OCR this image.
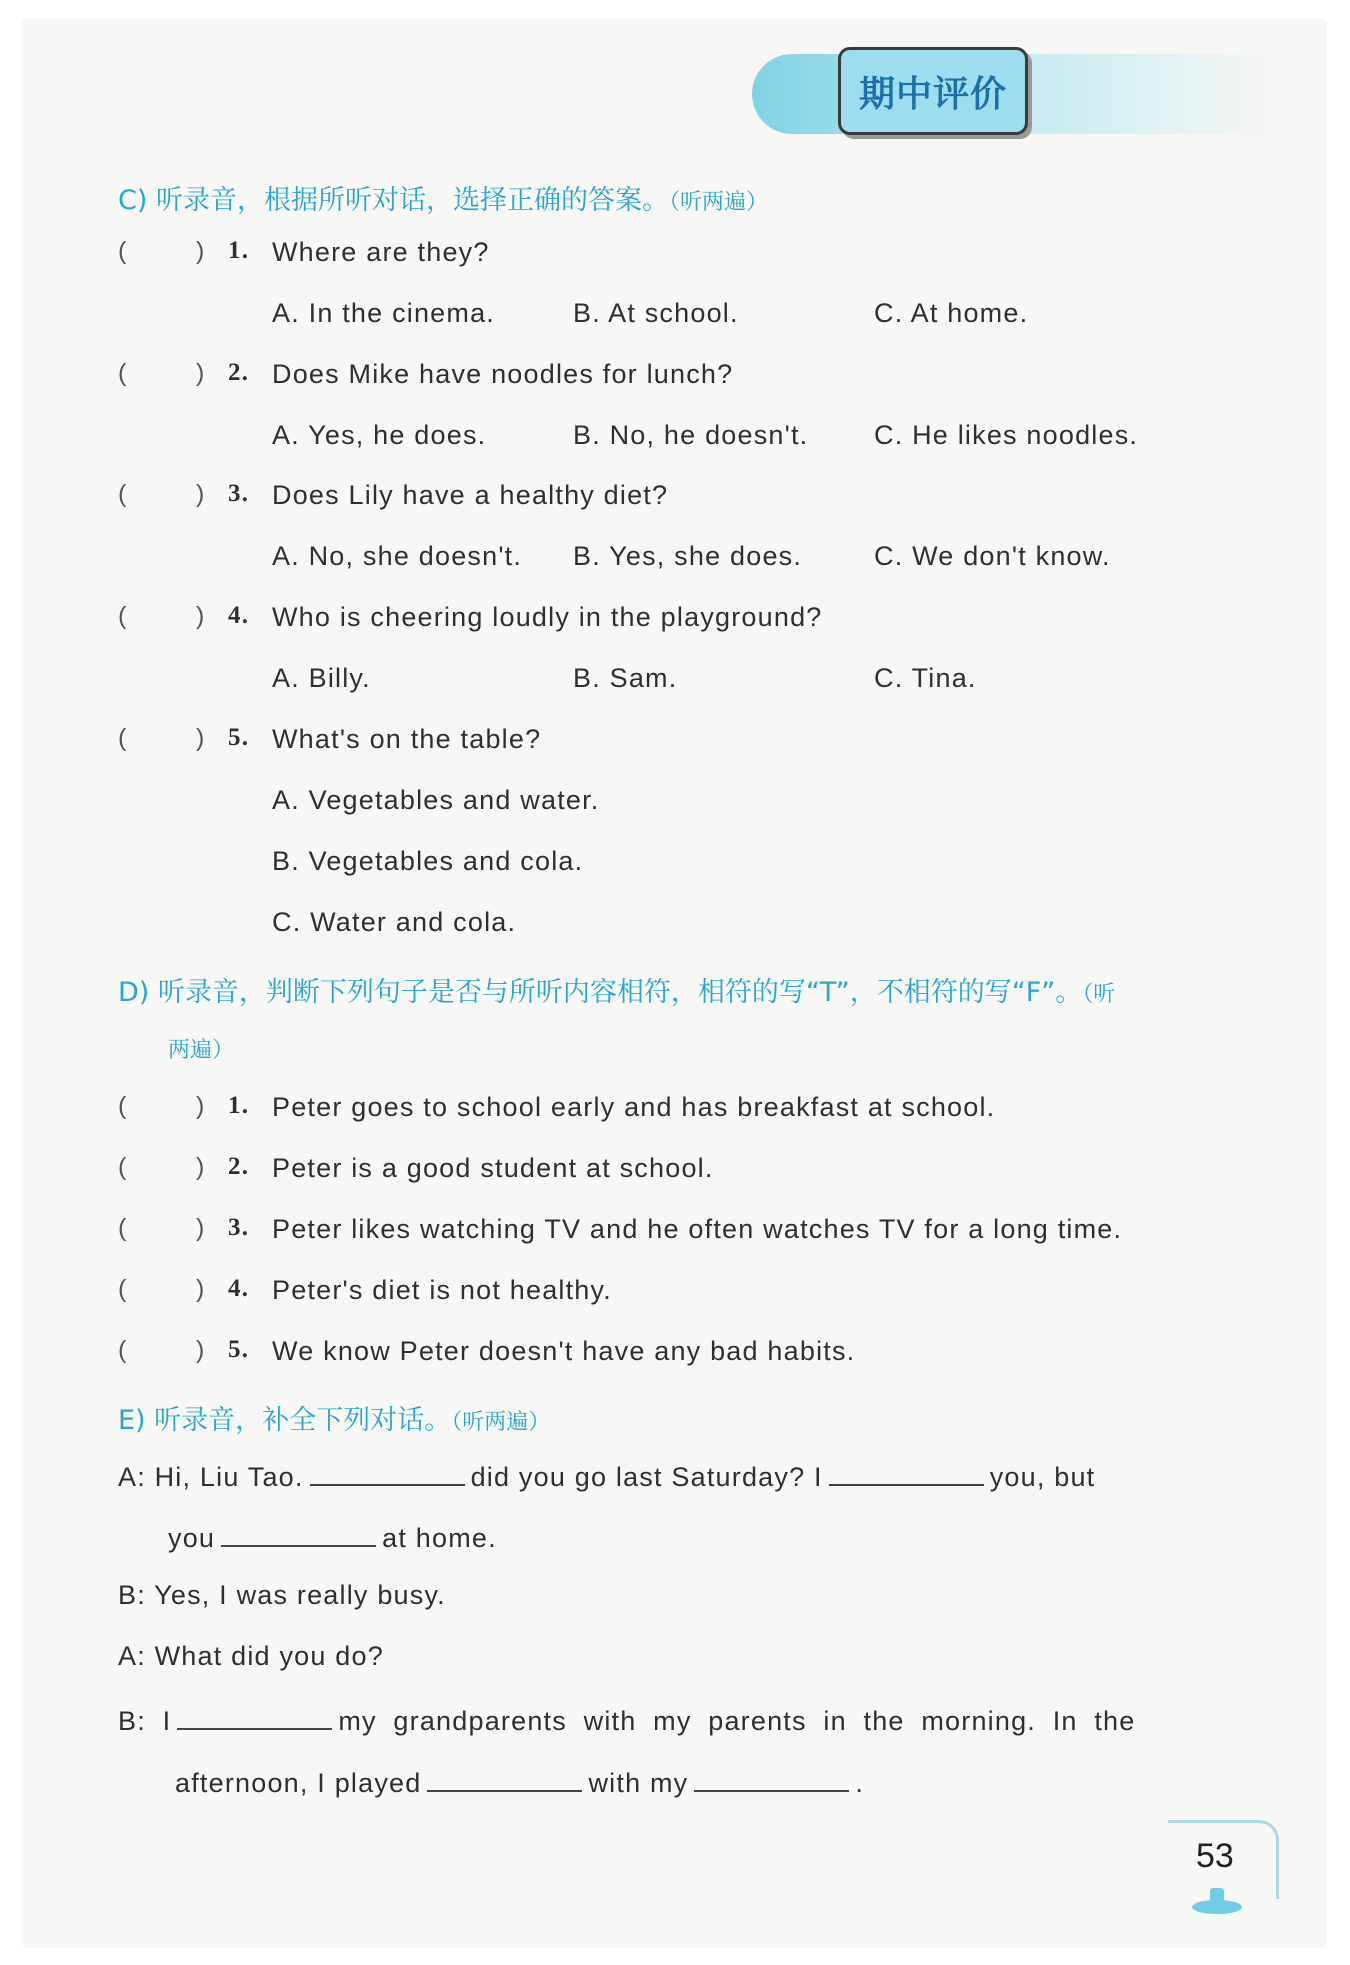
期中评价
C) 听录音，根据所听对话，选择正确的答案。（听两遍）
(	) 1. Where are they?
A. In the cinema.	B. At school.	C. At home.
(	) 2. Does Mike have noodles for lunch?
A. Yes, he does.	B. No, he doesn't. C. He likes noodles.
(	) 3. Does Lily have a healthy diet?
A. No, she doesn't. B. Yes, she does.	C. We don't know.
(	) 4. Who is cheering loudly in the playground?
A. Billy.	B. Sam.	C. Tina.
(	) 5. What's on the table?
A. Vegetables and water.
B. Vegetables and cola.
C. Water and cola.
D) 听录音，判断下列句子是否与所听内容相符，相符的写“T”，不相符的写“F”。（听
两遍）
(	) 1. Peter goes to school early and has breakfast at school.
(	) 2. Peter is a good student at school.
(	) 3. Peter likes watching TV and he often watches TV for a long time.
(	) 4. Peter's diet is not healthy.
(	) 5. We know Peter doesn't have any bad habits.
E) 听录音，补全下列对话。（听两遍）
A: Hi, Liu Tao.	did you go last Saturday? I	you, but
you	at home.
B: Yes, I was really busy.
A: What did you do?
B: I	my grandparents with my parents in the morning. In the
afternoon, I played	with my	.
53
